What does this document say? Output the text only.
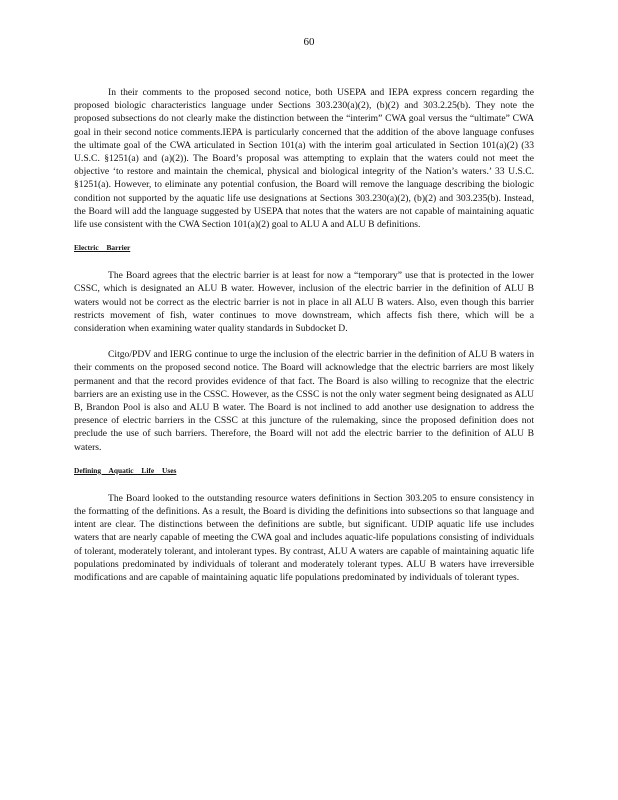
60

In their comments to the proposed second notice, both USEPA and IEPA express concern regarding the proposed biologic characteristics language under Sections 303.230(a)(2), (b)(2) and 303.2.25(b). They note the proposed subsections do not clearly make the distinction between the “interim” CWA goal versus the “ultimate” CWA goal in their second notice comments.IEPA is particularly concerned that the addition of the above language confuses the ultimate goal of the CWA articulated in Section 101(a) with the interim goal articulated in Section 101(a)(2) (33 U.S.C. §1251(a) and (a)(2)). The Board’s proposal was attempting to explain that the waters could not meet the objective ‘to restore and maintain the chemical, physical and biological integrity of the Nation’s waters.’ 33 U.S.C. §1251(a). However, to eliminate any potential confusion, the Board will remove the language describing the biologic condition not supported by the aquatic life use designations at Sections 303.230(a)(2), (b)(2) and 303.235(b). Instead, the Board will add the language suggested by USEPA that notes that the waters are not capable of maintaining aquatic life use consistent with the CWA Section 101(a)(2) goal to ALU A and ALU B definitions.

Electric Barrier

The Board agrees that the electric barrier is at least for now a “temporary” use that is protected in the lower CSSC, which is designated an ALU B water. However, inclusion of the electric barrier in the definition of ALU B waters would not be correct as the electric barrier is not in place in all ALU B waters. Also, even though this barrier restricts movement of fish, water continues to move downstream, which affects fish there, which will be a consideration when examining water quality standards in Subdocket D.

Citgo/PDV and IERG continue to urge the inclusion of the electric barrier in the definition of ALU B waters in their comments on the proposed second notice. The Board will acknowledge that the electric barriers are most likely permanent and that the record provides evidence of that fact. The Board is also willing to recognize that the electric barriers are an existing use in the CSSC. However, as the CSSC is not the only water segment being designated as ALU B, Brandon Pool is also and ALU B water. The Board is not inclined to add another use designation to address the presence of electric barriers in the CSSC at this juncture of the rulemaking, since the proposed definition does not preclude the use of such barriers. Therefore, the Board will not add the electric barrier to the definition of ALU B waters.

Defining Aquatic Life Uses

The Board looked to the outstanding resource waters definitions in Section 303.205 to ensure consistency in the formatting of the definitions. As a result, the Board is dividing the definitions into subsections so that language and intent are clear. The distinctions between the definitions are subtle, but significant. UDIP aquatic life use includes waters that are nearly capable of meeting the CWA goal and includes aquatic-life populations consisting of individuals of tolerant, moderately tolerant, and intolerant types. By contrast, ALU A waters are capable of maintaining aquatic life populations predominated by individuals of tolerant and moderately tolerant types. ALU B waters have irreversible modifications and are capable of maintaining aquatic life populations predominated by individuals of tolerant types.
